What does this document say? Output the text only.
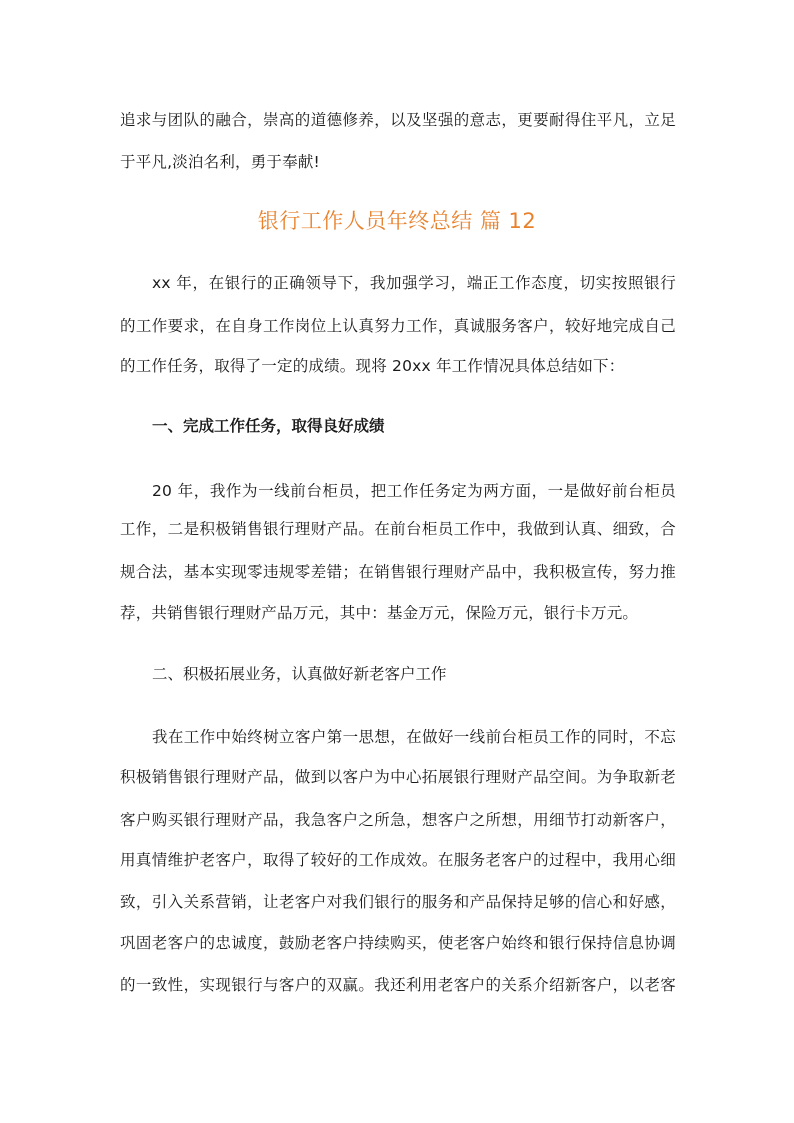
追求与团队的融合，崇高的道德修养，以及坚强的意志，更要耐得住平凡，立足
于平凡,淡泊名利，勇于奉献!
银行工作人员年终总结 篇 12
xx 年，在银行的正确领导下，我加强学习，端正工作态度，切实按照银行
的工作要求，在自身工作岗位上认真努力工作，真诚服务客户，较好地完成自己
的工作任务，取得了一定的成绩。现将 20xx 年工作情况具体总结如下：
一、完成工作任务，取得良好成绩
20 年，我作为一线前台柜员，把工作任务定为两方面，一是做好前台柜员
工作，二是积极销售银行理财产品。在前台柜员工作中，我做到认真、细致，合
规合法，基本实现零违规零差错；在销售银行理财产品中，我积极宣传，努力推
荐，共销售银行理财产品万元，其中：基金万元，保险万元，银行卡万元。
二、积极拓展业务，认真做好新老客户工作
我在工作中始终树立客户第一思想，在做好一线前台柜员工作的同时，不忘
积极销售银行理财产品，做到以客户为中心拓展银行理财产品空间。为争取新老
客户购买银行理财产品，我急客户之所急，想客户之所想，用细节打动新客户，
用真情维护老客户，取得了较好的工作成效。在服务老客户的过程中，我用心细
致，引入关系营销，让老客户对我们银行的服务和产品保持足够的信心和好感，
巩固老客户的忠诚度，鼓励老客户持续购买，使老客户始终和银行保持信息协调
的一致性，实现银行与客户的双赢。我还利用老客户的关系介绍新客户，以老客
